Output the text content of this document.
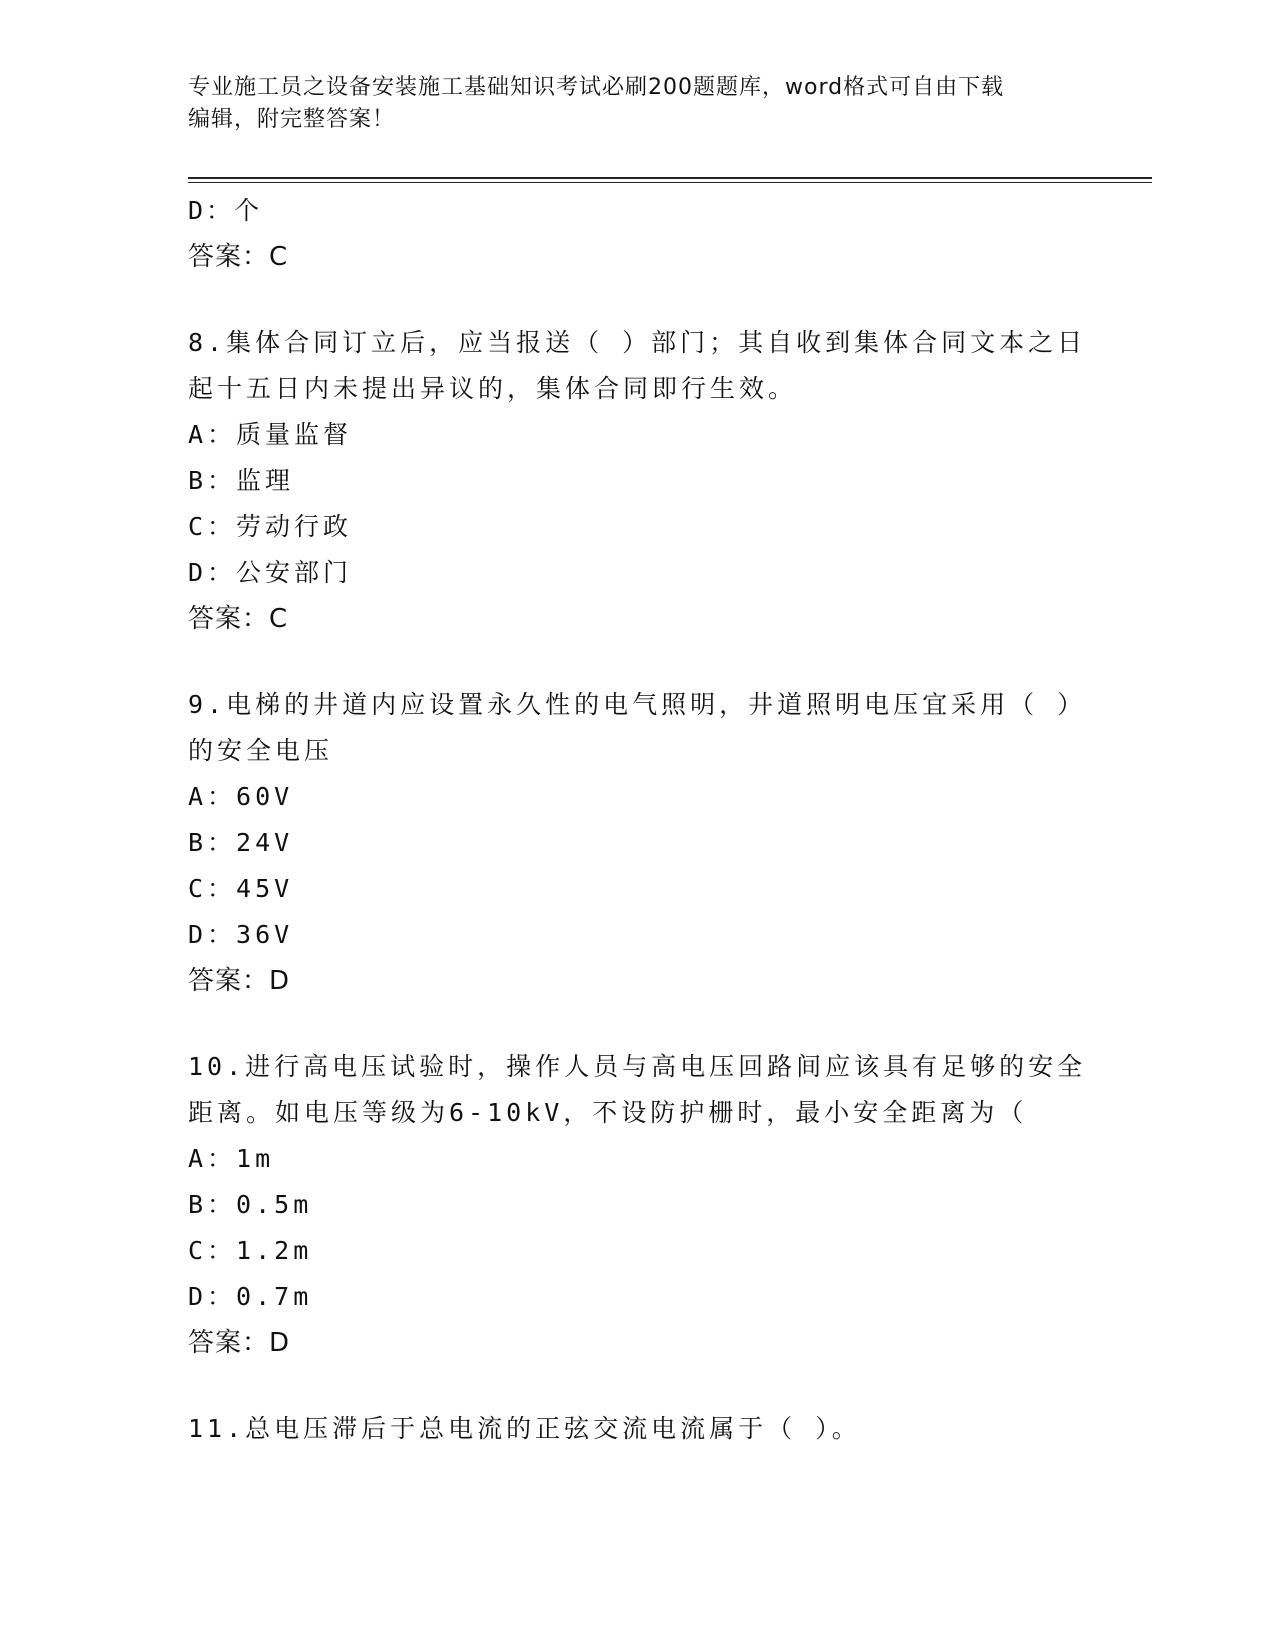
专业施工员之设备安装施工基础知识考试必刷200题题库，word格式可自由下载
编辑，附完整答案！
D：个
答案：C
8.集体合同订立后，应当报送（ ）部门；其自收到集体合同文本之日
起十五日内未提出异议的，集体合同即行生效。
A：质量监督
B：监理
C：劳动行政
D：公安部门
答案：C
9.电梯的井道内应设置永久性的电气照明，井道照明电压宜采用（ ）
的安全电压
A：60V
B：24V
C：45V
D：36V
答案：D
10.进行高电压试验时，操作人员与高电压回路间应该具有足够的安全
距离。如电压等级为6-10kV，不设防护栅时，最小安全距离为（
A：1m
B：0.5m
C：1.2m
D：0.7m
答案：D
11.总电压滞后于总电流的正弦交流电流属于（ ）。
